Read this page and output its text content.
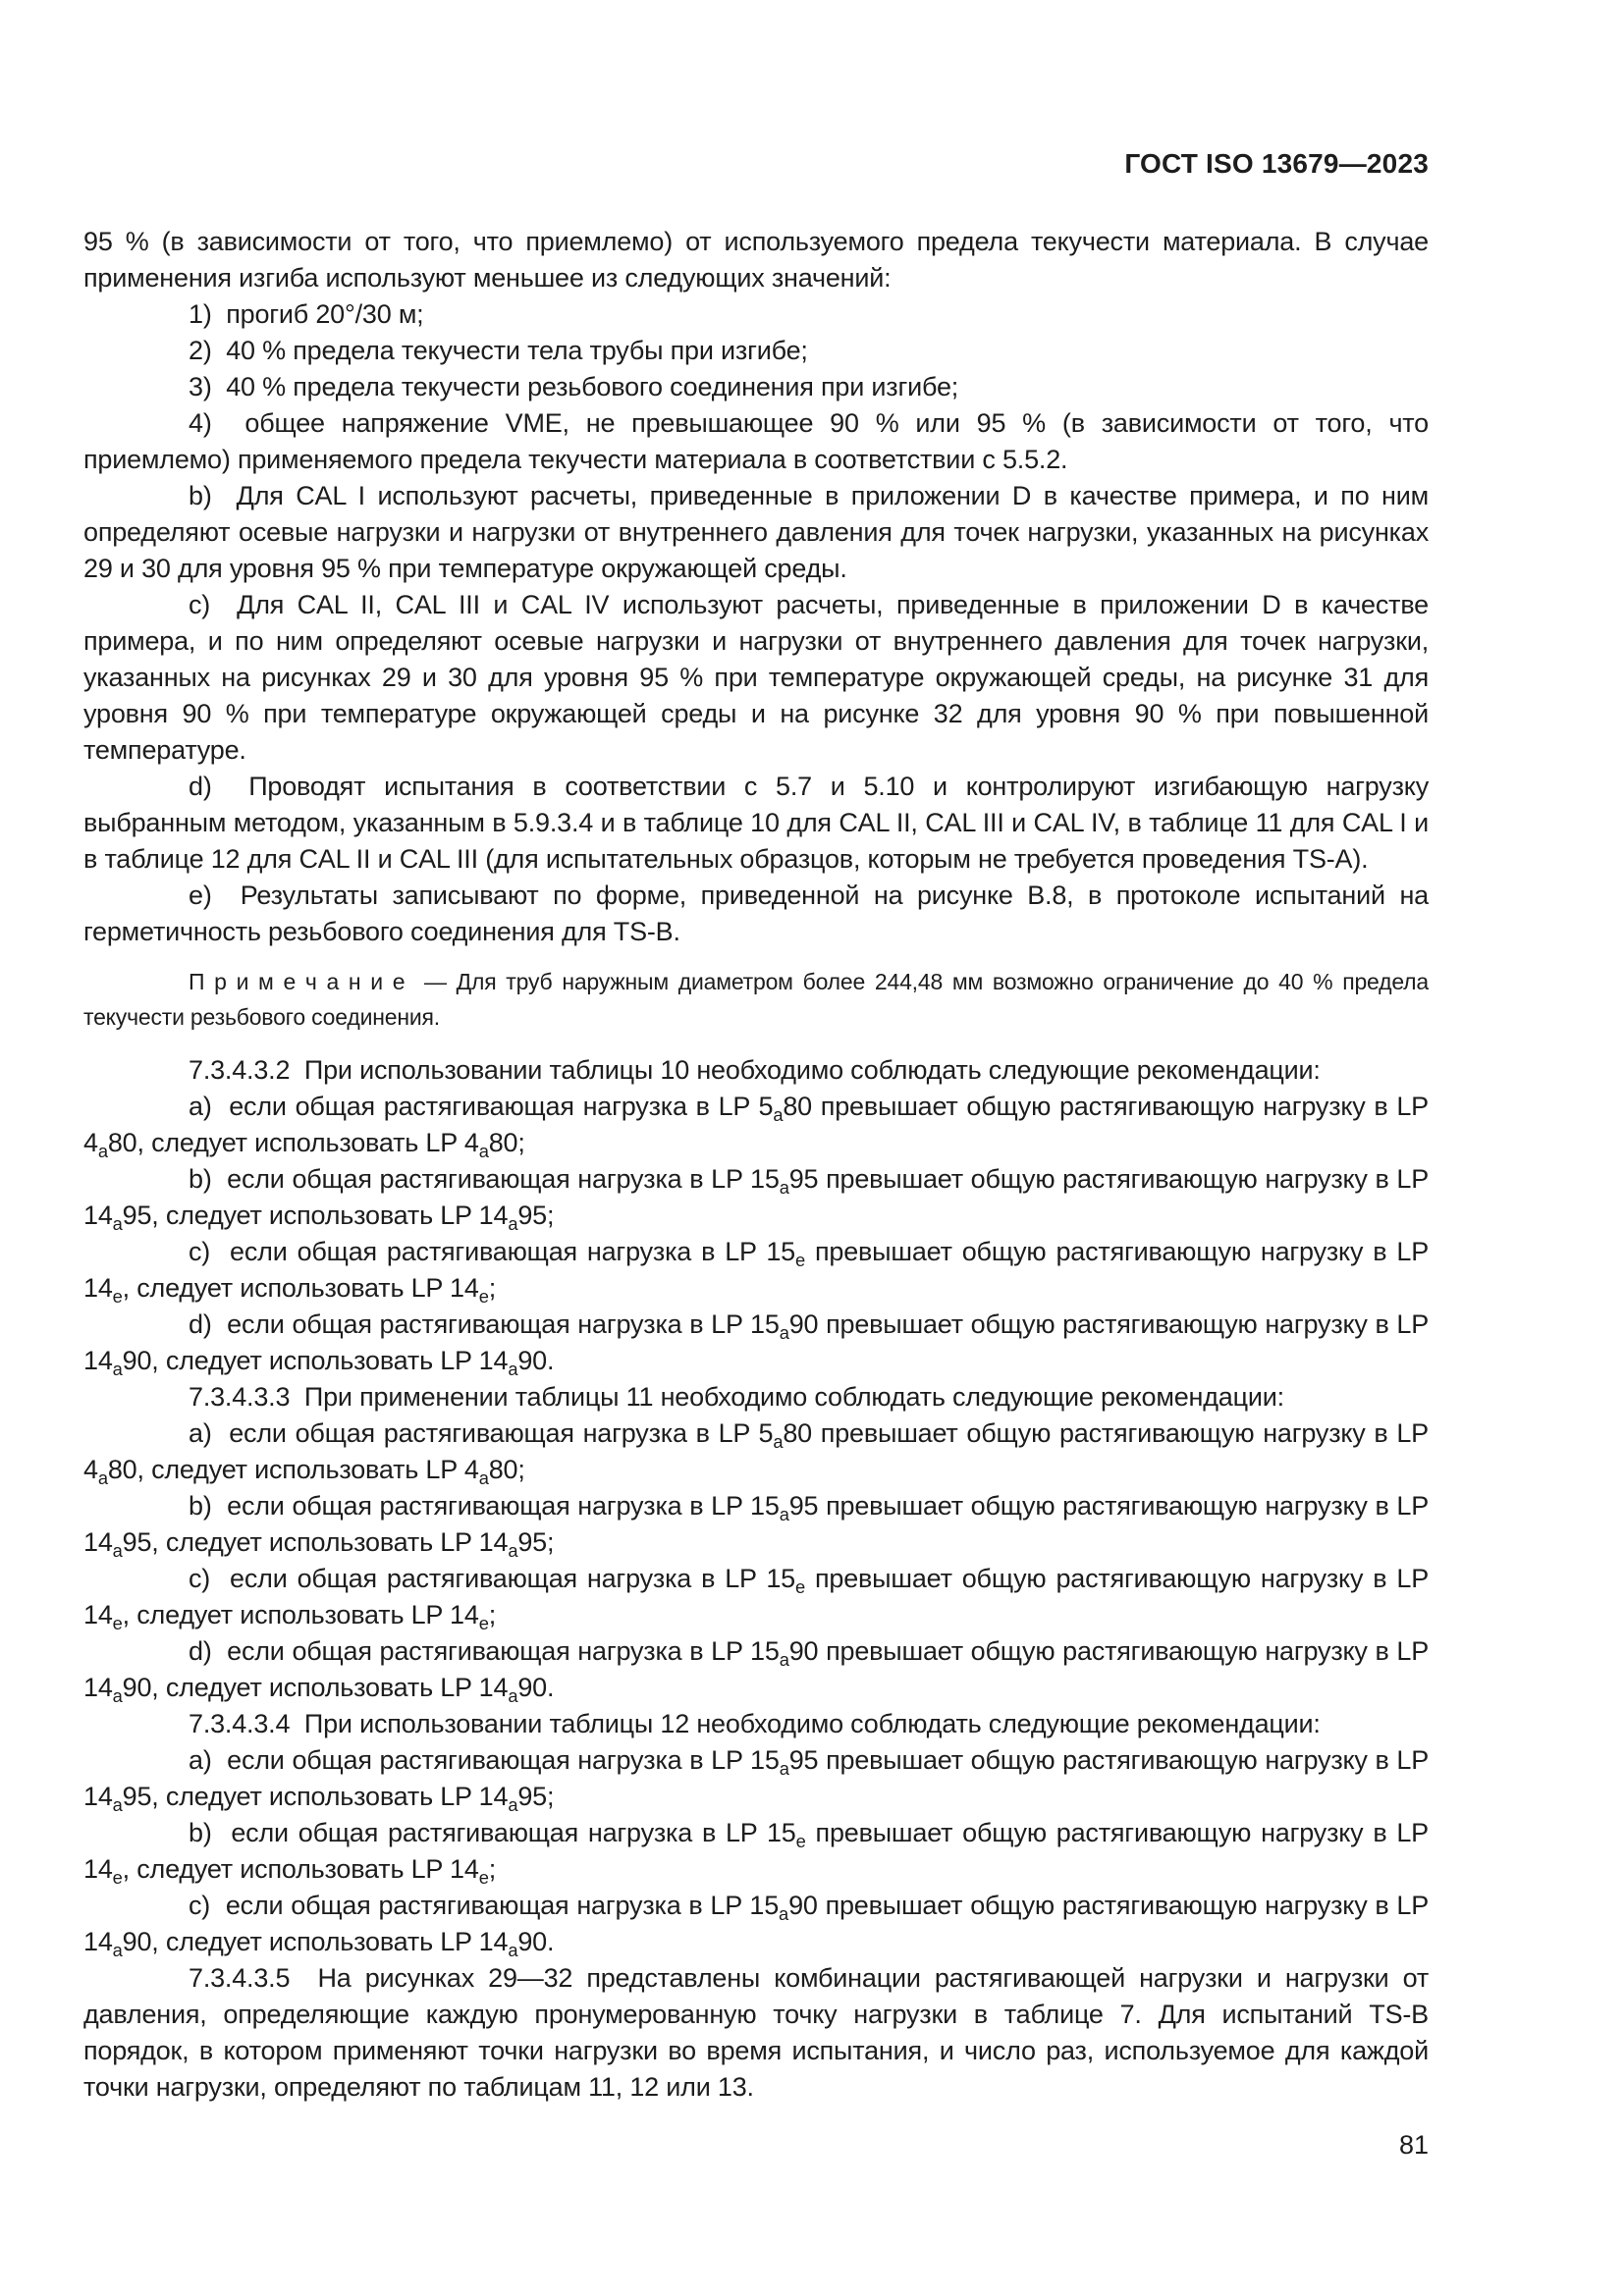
ГОСТ ISO 13679—2023

95 % (в зависимости от того, что приемлемо) от используемого предела текучести материала. В случае применения изгиба используют меньшее из следующих значений:

1)  прогиб 20°/30 м;

2)  40 % предела текучести тела трубы при изгибе;

3)  40 % предела текучести резьбового соединения при изгибе;

4)  общее напряжение VME, не превышающее 90 % или 95 % (в зависимости от того, что приемлемо) применяемого предела текучести материала в соответствии с 5.5.2.

b)  Для CAL I используют расчеты, приведенные в приложении D в качестве примера, и по ним определяют осевые нагрузки и нагрузки от внутреннего давления для точек нагрузки, указанных на рисунках 29 и 30 для уровня 95 % при температуре окружающей среды.

c)  Для CAL II, CAL III и CAL IV используют расчеты, приведенные в приложении D в качестве примера, и по ним определяют осевые нагрузки и нагрузки от внутреннего давления для точек нагрузки, указанных на рисунках 29 и 30 для уровня 95 % при температуре окружающей среды, на рисунке 31 для уровня 90 % при температуре окружающей среды и на рисунке 32 для уровня 90 % при повышенной температуре.

d)  Проводят испытания в соответствии с 5.7 и 5.10 и контролируют изгибающую нагрузку выбранным методом, указанным в 5.9.3.4 и в таблице 10 для CAL II, CAL III и CAL IV, в таблице 11 для CAL I и в таблице 12 для CAL II и CAL III (для испытательных образцов, которым не требуется проведения TS-A).

e)  Результаты записывают по форме, приведенной на рисунке B.8, в протоколе испытаний на герметичность резьбового соединения для TS-B.

П р и м е ч а н и е  — Для труб наружным диаметром более 244,48 мм возможно ограничение до 40 % предела текучести резьбового соединения.

7.3.4.3.2  При использовании таблицы 10 необходимо соблюдать следующие рекомендации:

a)  если общая растягивающая нагрузка в LP $5_a80$ превышает общую растягивающую нагрузку в LP $4_a80$, следует использовать LP $4_a80$;

b)  если общая растягивающая нагрузка в LP $15_a95$ превышает общую растягивающую нагрузку в LP $14_a95$, следует использовать LP $14_a95$;

c)  если общая растягивающая нагрузка в LP $15_e$ превышает общую растягивающую нагрузку в LP $14_e$, следует использовать LP $14_e$;

d)  если общая растягивающая нагрузка в LP $15_a90$ превышает общую растягивающую нагрузку в LP $14_a90$, следует использовать LP $14_a90$.

7.3.4.3.3  При применении таблицы 11 необходимо соблюдать следующие рекомендации:

a)  если общая растягивающая нагрузка в LP $5_a80$ превышает общую растягивающую нагрузку в LP $4_a80$, следует использовать LP $4_a80$;

b)  если общая растягивающая нагрузка в LP $15_a95$ превышает общую растягивающую нагрузку в LP $14_a95$, следует использовать LP $14_a95$;

c)  если общая растягивающая нагрузка в LP $15_e$ превышает общую растягивающую нагрузку в LP $14_e$, следует использовать LP $14_e$;

d)  если общая растягивающая нагрузка в LP $15_a90$ превышает общую растягивающую нагрузку в LP $14_a90$, следует использовать LP $14_a90$.

7.3.4.3.4  При использовании таблицы 12 необходимо соблюдать следующие рекомендации:

a)  если общая растягивающая нагрузка в LP $15_a95$ превышает общую растягивающую нагрузку в LP $14_a95$, следует использовать LP $14_a95$;

b)  если общая растягивающая нагрузка в LP $15_e$ превышает общую растягивающую нагрузку в LP $14_e$, следует использовать LP $14_e$;

c)  если общая растягивающая нагрузка в LP $15_a90$ превышает общую растягивающую нагрузку в LP $14_a90$, следует использовать LP $14_a90$.

7.3.4.3.5  На рисунках 29—32 представлены комбинации растягивающей нагрузки и нагрузки от давления, определяющие каждую пронумерованную точку нагрузки в таблице 7. Для испытаний TS-B порядок, в котором применяют точки нагрузки во время испытания, и число раз, используемое для каждой точки нагрузки, определяют по таблицам 11, 12 или 13.

81
